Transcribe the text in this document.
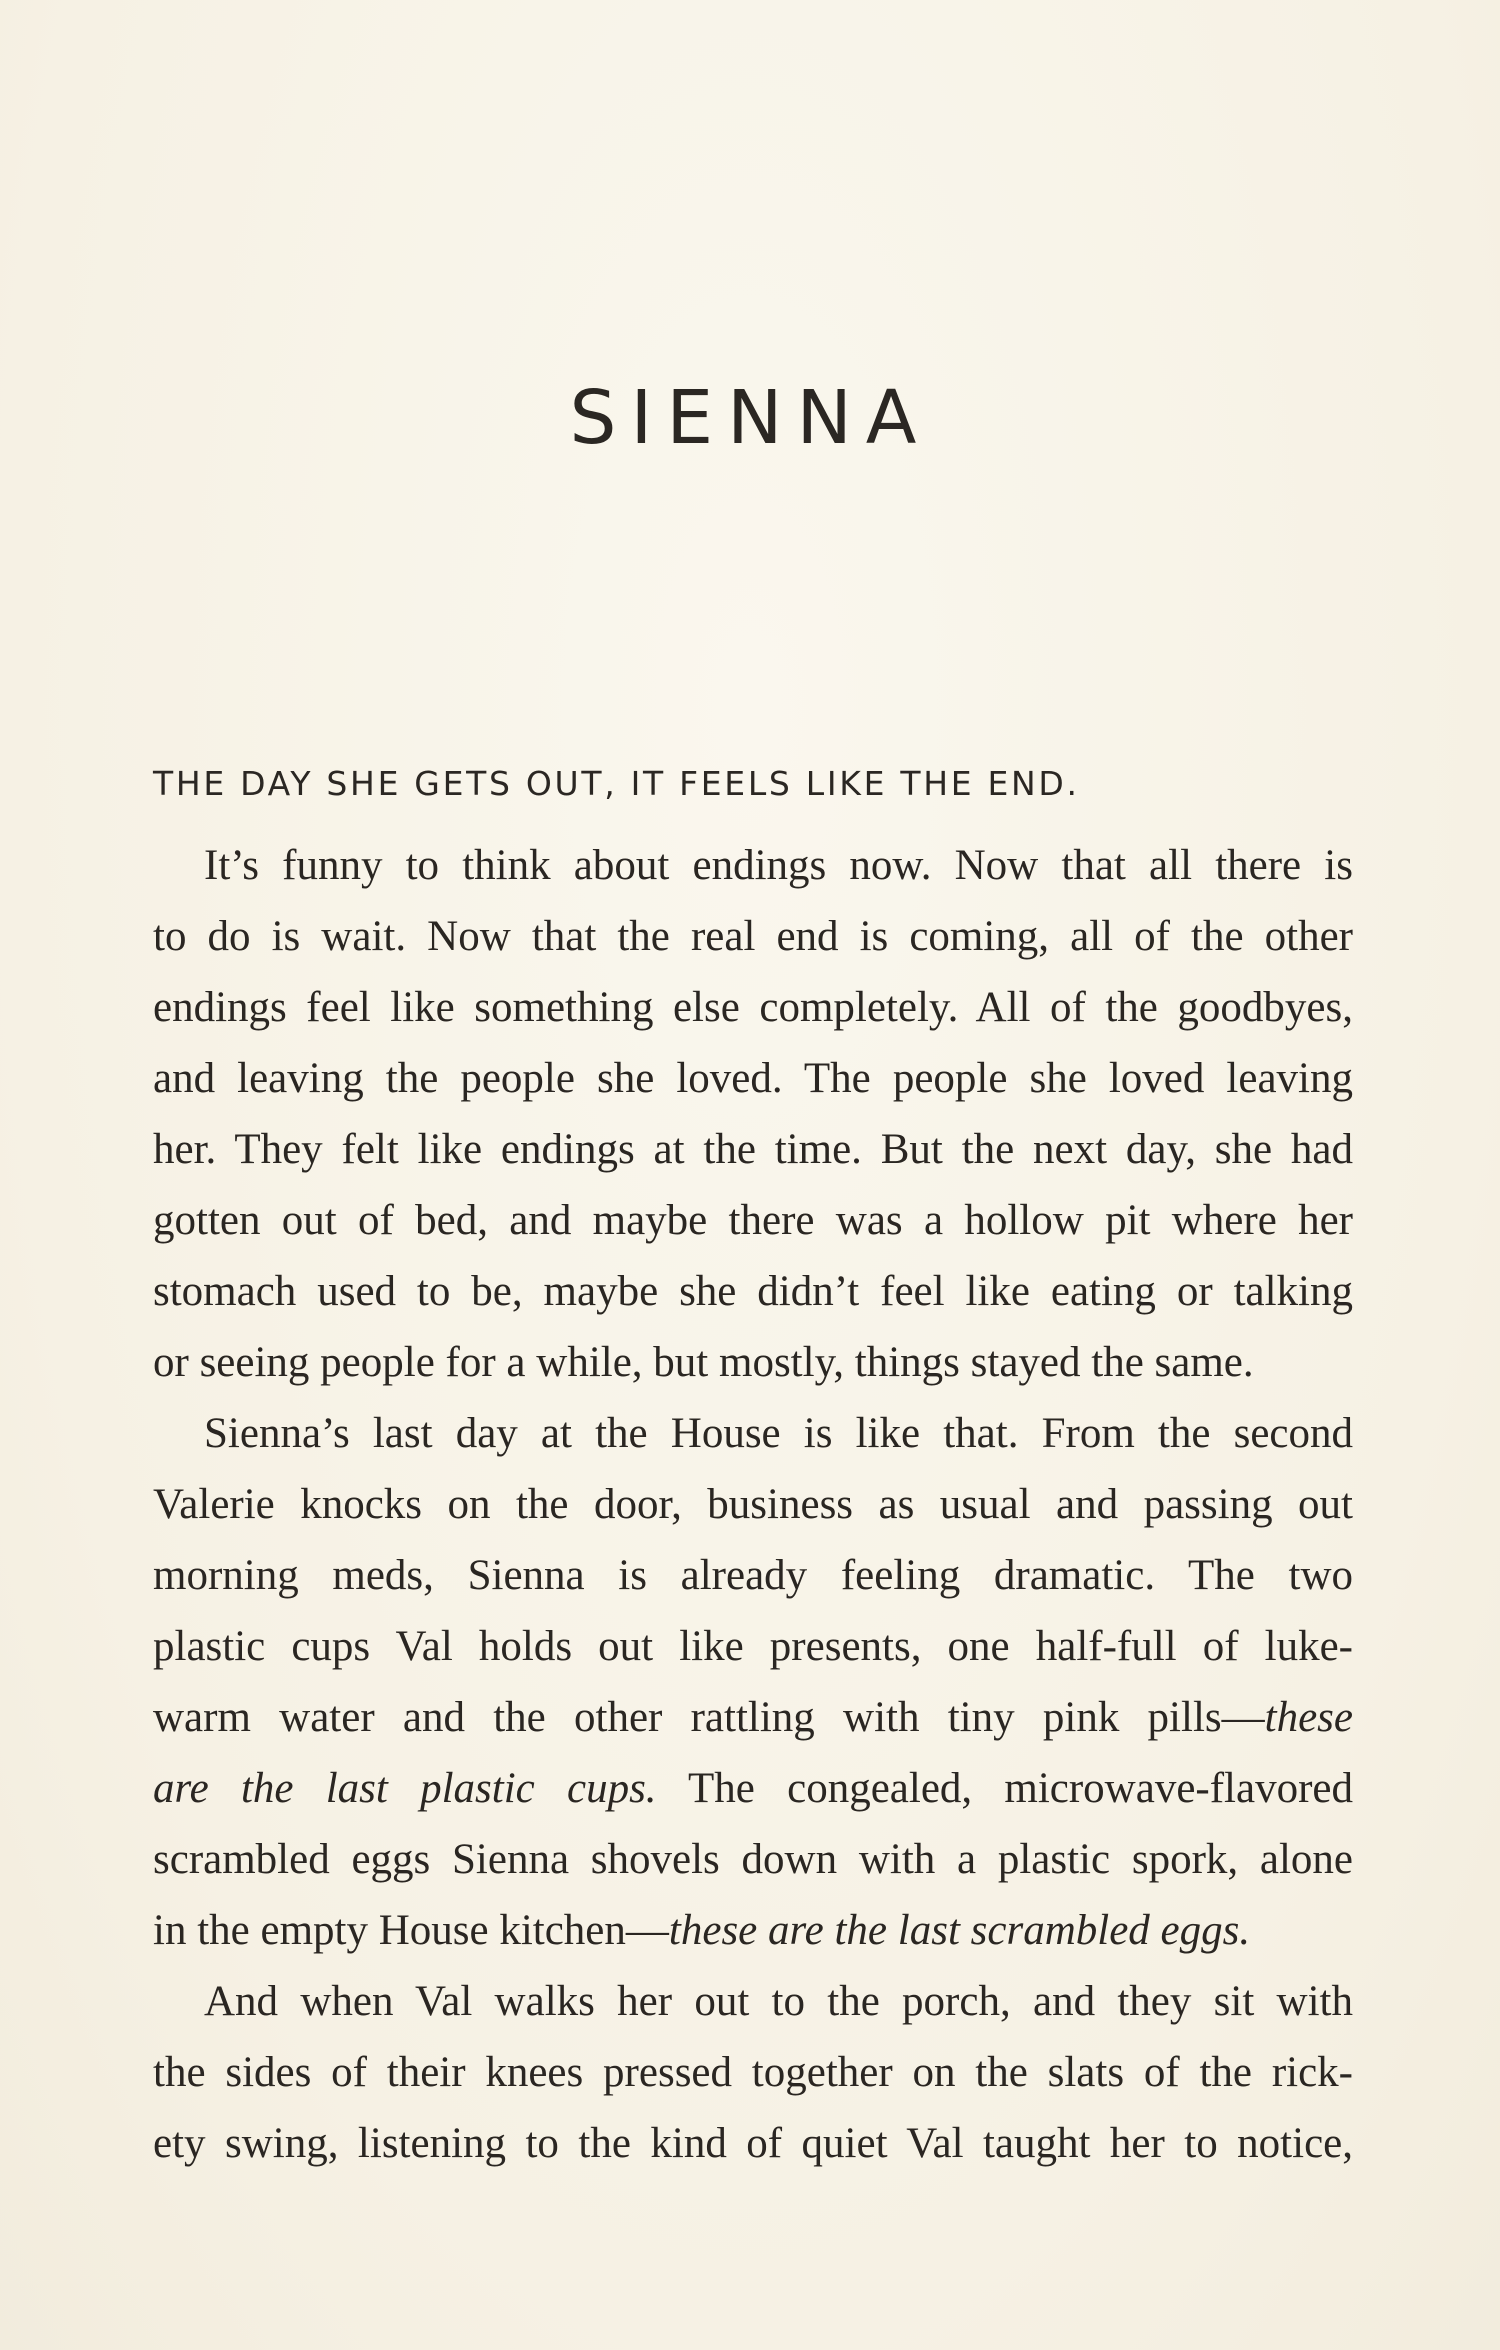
SIENNA

THE DAY SHE GETS OUT, IT FEELS LIKE THE END.

It’s funny to think about endings now. Now that all there is
to do is wait. Now that the real end is coming, all of the other
endings feel like something else completely. All of the goodbyes,
and leaving the people she loved. The people she loved leaving
her. They felt like endings at the time. But the next day, she had
gotten out of bed, and maybe there was a hollow pit where her
stomach used to be, maybe she didn’t feel like eating or talking
or seeing people for a while, but mostly, things stayed the same.

Sienna’s last day at the House is like that. From the second
Valerie knocks on the door, business as usual and passing out
morning meds, Sienna is already feeling dramatic. The two
plastic cups Val holds out like presents, one half-full of luke-
warm water and the other rattling with tiny pink pills—these
are the last plastic cups. The congealed, microwave-flavored
scrambled eggs Sienna shovels down with a plastic spork, alone
in the empty House kitchen—these are the last scrambled eggs.

And when Val walks her out to the porch, and they sit with
the sides of their knees pressed together on the slats of the rick-
ety swing, listening to the kind of quiet Val taught her to notice,
